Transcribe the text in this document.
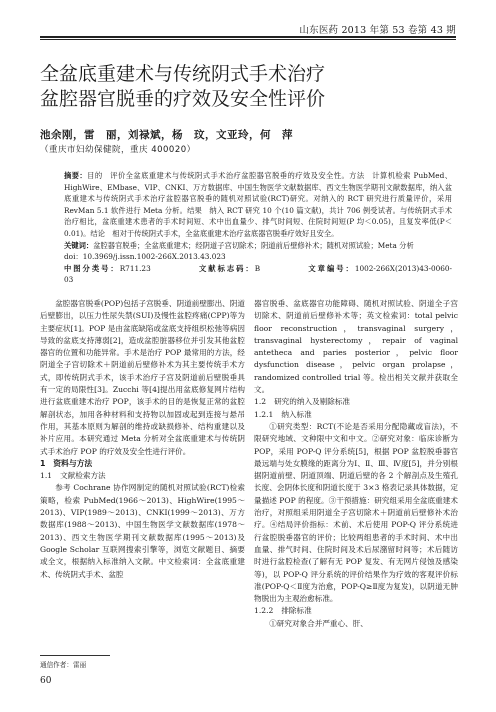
山东医药 2013 年第 53 卷第 43 期
全盆底重建术与传统阴式手术治疗
盆腔器官脱垂的疗效及安全性评价
池余刚，雷　丽，刘禄斌，杨　玟，文亚玲，何　萍
（重庆市妇幼保健院，重庆 400020）

摘要：目的　评价全盆底重建术与传统阴式手术治疗盆腔器官脱垂的疗效及安全性。方法　计算机检索 PubMed、HighWire、EMbase、VIP、CNKI、万方数据库、中国生物医学文献数据库、西文生物医学期刊文献数据库，纳入盆底重建术与传统阴式手术治疗盆腔器官脱垂的随机对照试验(RCT)研究。对纳入的 RCT 研究进行质量评价，采用 RevMan 5.1 软件进行 Meta 分析。结果　纳入 RCT 研究 10 个(10 篇文献)，共计 706 例受试者。与传统阴式手术治疗相比，盆底重建术患者的手术时间短、术中出血量少、排气时间短、住院时间短(P 均＜0.05)，且复发率低(P＜0.01)。结论　相对于传统阴式手术，全盆底重建术治疗盆底器官脱垂疗效好且安全。

关键词：盆腔器官脱垂；全盆底重建术；经阴道子宫切除术；阴道前后壁修补术；随机对照试验；Meta 分析

doi：10.3969/j.issn.1002-266X.2013.43.023

中图分类号：R711.23	文献标志码：B	文章编号：1002-266X(2013)43-0060-03

盆腔器官脱垂(POP)包括子宫脱垂、阴道前壁膨出、阴道后壁膨出，以压力性尿失禁(SUI)及慢性盆腔疼痛(CPP)等为主要症状[1]。POP 是由盆底缺陷或盆底支持组织松弛等病因导致的盆底支持薄弱[2]，造成盆腔脏器移位并引发其他盆腔器官的位置和功能异常。手术是治疗 POP 最常用的方法，经阴道全子宫切除术＋阴道前后壁修补术为其主要传统手术方式，即传统阴式手术，该手术治疗子宫及阴道前后壁脱垂具有一定的局限性[3]。Zucchi 等[4]提出用盆底修复网片结构进行盆底重建术治疗 POP，该手术的目的是恢复正常的盆腔解剖状态，加用各种材料和支持物以加固或起到连接与悬吊作用，其基本原则为解剖的维持或缺损修补、结构重建以及补片应用。本研究通过 Meta 分析对全盆底重建术与传统阴式手术治疗 POP 的疗效及安全性进行评价。

1　资料与方法
1.1 文献检索方法

参考 Cochrane 协作网制定的随机对照试验(RCT)检索策略，检索 PubMed(1966～2013)、HighWire(1995～2013)、VIP(1989～2013)、CNKI(1999～2013)、万方数据库(1988～2013)、中国生物医学文献数据库(1978～2013)、西文生物医学期刊文献数据库(1995～2013)及 Google Scholar 互联网搜索引擎等，浏览文献题目、摘要或全文，根据纳入标准纳入文献。中文检索词：全盆底重建术、传统阴式手术、盆腔

器官脱垂、盆底器官功能障碍、随机对照试验、阴道全子宫切除术、阴道前后壁修补术等；英文检索词：total pelvic floor reconstruction，transvaginal surgery，transvaginal hysterectomy，repair of vaginal antetheca and paries posterior，pelvic floor dysfunction disease，pelvic organ prolapse，randomized controlled trial 等。检出相关文献并获取全文。

1.2 研究的纳入及剔除标准
1.2.1 纳入标准

①研究类型：RCT(不论是否采用分配隐藏或盲法)，不限研究地域、文种限中文和中文。②研究对象：临床诊断为 POP，采用 POP-Q 评分系统[5]，根据 POP 盆腔脱垂器官最远端与处女膜缘的距离分为Ⅰ、Ⅱ、Ⅲ、Ⅳ度[5]，并分别根据阴道前壁、阴道顶端、阴道后壁的各 2 个解剖点及生殖孔长度、会阴体长度和阴道长度于 3×3 格表记录具体数据，定量描述 POP 的程度。③干预措施：研究组采用全盆底重建术治疗，对照组采用阴道全子宫切除术＋阴道前后壁修补术治疗。④结局评价指标：术前、术后使用 POP-Q 评分系统进行盆腔脱垂器官的评价；比较两组患者的手术时间、术中出血量、排气时间、住院时间及术后尿潴留时间等；术后随访时进行盆腔检查(了解有无 POP 复发、有无网片侵蚀及感染等)，以 POP-Q 评分系统的评价结果作为疗效的客观评价标准(POP-Q＜Ⅱ度为治愈，POP-Q≥Ⅱ度为复发)，以阴道无肿物脱出为主观治愈标准。

1.2.2 排除标准

①研究对象合并严重心、肝、

通信作者：雷丽
60
